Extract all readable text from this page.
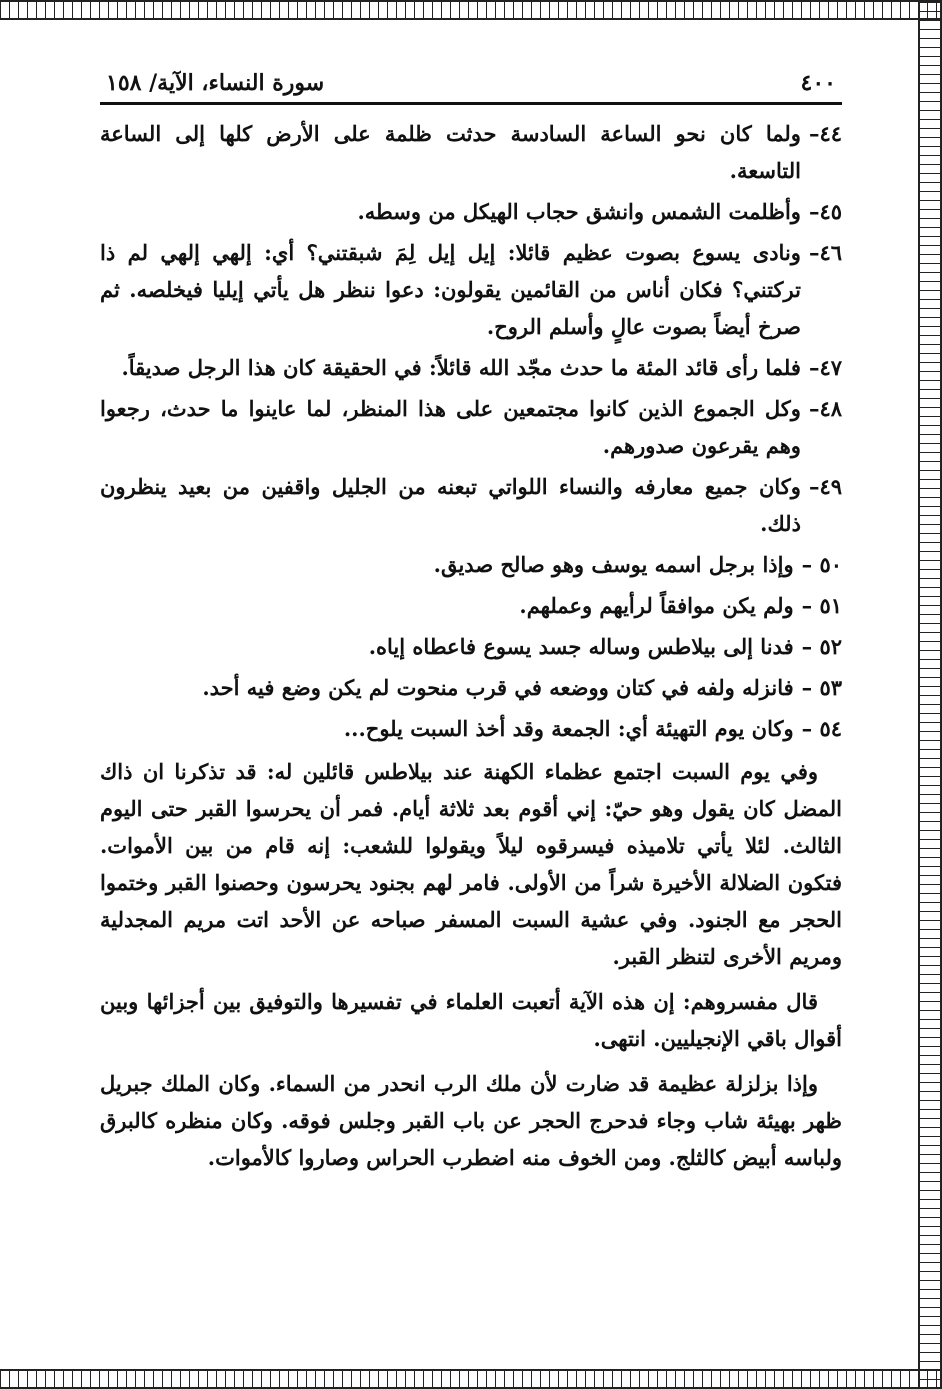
٤٠٠
سورة النساء، الآية/ ١٥٨
٤٤–
ولما كان نحو الساعة السادسة حدثت ظلمة على الأرض كلها إلى الساعة التاسعة.
٤٥–
وأظلمت الشمس وانشق حجاب الهيكل من وسطه.
٤٦–
ونادى يسوع بصوت عظيم قائلا: إيل إيل لِمَ شبقتني؟ أي: إلهي إلهي لم ذا تركتني؟ فكان أناس من القائمين يقولون: دعوا ننظر هل يأتي إيليا فيخلصه. ثم صرخ أيضاً بصوت عالٍ وأسلم الروح.
٤٧–
فلما رأى قائد المئة ما حدث مجّد الله قائلاً: في الحقيقة كان هذا الرجل صديقاً.
٤٨–
وكل الجموع الذين كانوا مجتمعين على هذا المنظر، لما عاينوا ما حدث، رجعوا وهم يقرعون صدورهم.
٤٩–
وكان جميع معارفه والنساء اللواتي تبعنه من الجليل واقفين من بعيد ينظرون ذلك.
٥٠ –
وإذا برجل اسمه يوسف وهو صالح صديق.
٥١ –
ولم يكن موافقاً لرأيهم وعملهم.
٥٢ –
فدنا إلى بيلاطس وساله جسد يسوع فاعطاه إياه.
٥٣ –
فانزله ولفه في كتان ووضعه في قرب منحوت لم يكن وضع فيه أحد.
٥٤ –
وكان يوم التهيئة أي: الجمعة وقد أخذ السبت يلوح...

وفي يوم السبت اجتمع عظماء الكهنة عند بيلاطس قائلين له: قد تذكرنا ان ذاك المضل كان يقول وهو حيّ: إني أقوم بعد ثلاثة أيام. فمر أن يحرسوا القبر حتى اليوم الثالث. لئلا يأتي تلاميذه فيسرقوه ليلاً ويقولوا للشعب: إنه قام من بين الأموات. فتكون الضلالة الأخيرة شراً من الأولى. فامر لهم بجنود يحرسون وحصنوا القبر وختموا الحجر مع الجنود. وفي عشية السبت المسفر صباحه عن الأحد اتت مريم المجدلية ومريم الأخرى لتنظر القبر.

قال مفسروهم: إن هذه الآية أتعبت العلماء في تفسيرها والتوفيق بين أجزائها وبين أقوال باقي الإنجيليين. انتهى.

وإذا بزلزلة عظيمة قد ضارت لأن ملك الرب انحدر من السماء. وكان الملك جبريل ظهر بهيئة شاب وجاء فدحرج الحجر عن باب القبر وجلس فوقه. وكان منظره كالبرق ولباسه أبيض كالثلج. ومن الخوف منه اضطرب الحراس وصاروا كالأموات.
